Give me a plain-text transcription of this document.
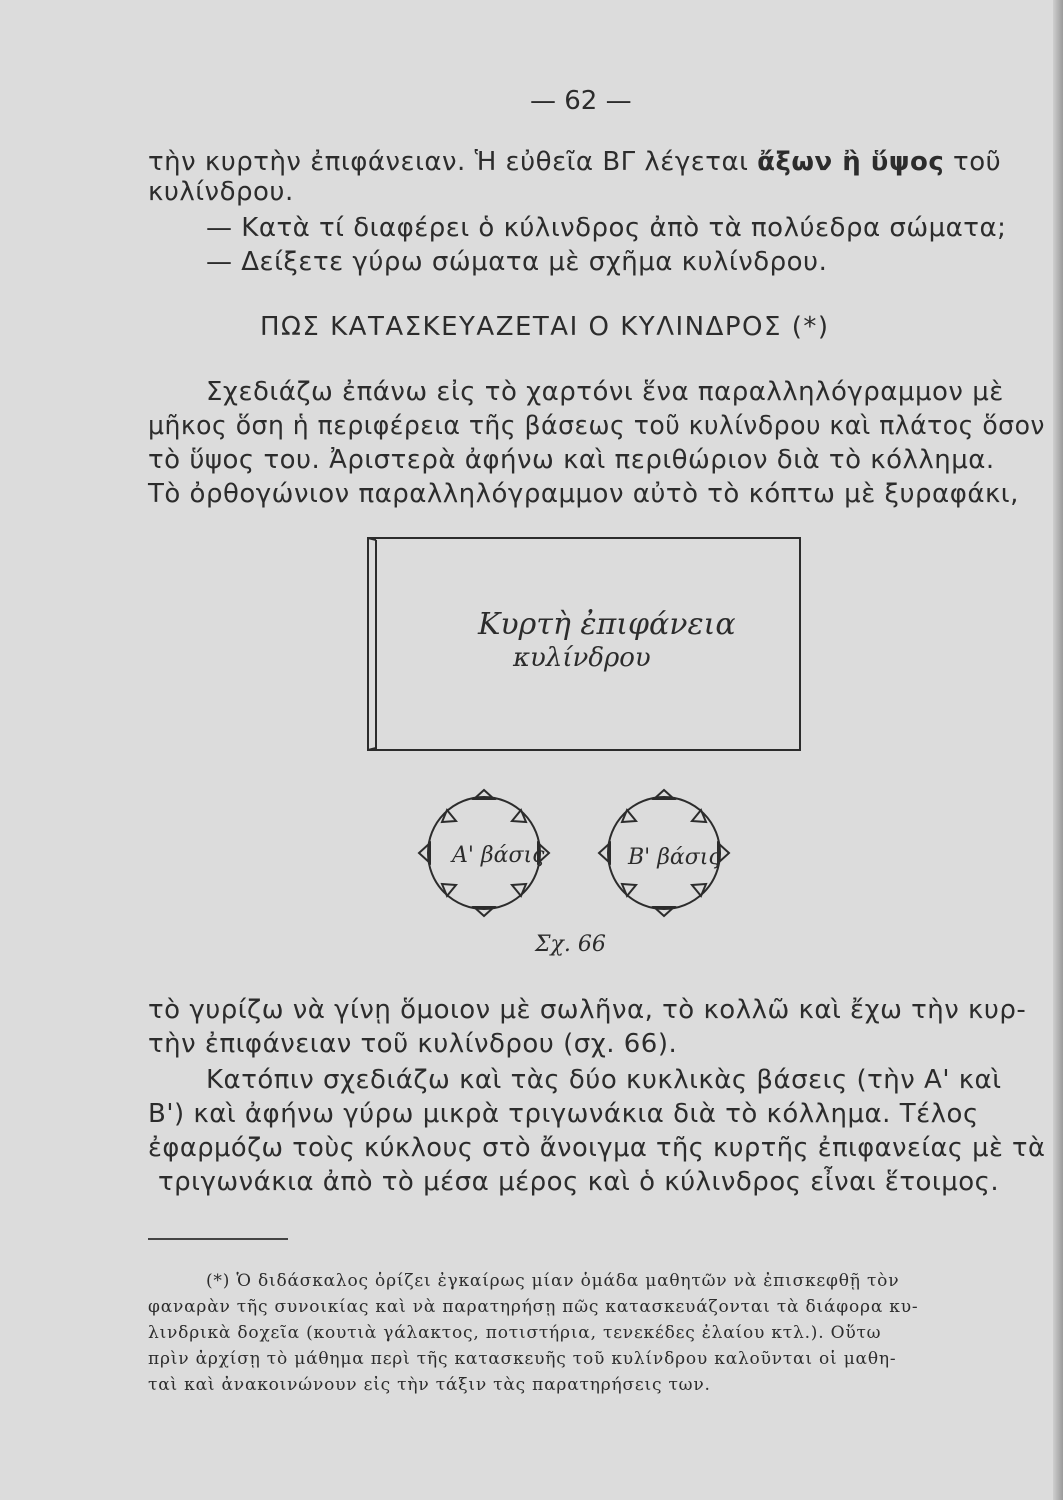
— 62 —
τὴν κυρτὴν ἐπιφάνειαν. Ἡ εὐθεῖα ΒΓ λέγεται ἄξων ἢ ὕψος τοῦ
κυλίνδρου.
— Κατὰ τί διαφέρει ὁ κύλινδρος ἀπὸ τὰ πολύεδρα σώματα;
— Δείξετε γύρω σώματα μὲ σχῆμα κυλίνδρου.
ΠΩΣ ΚΑΤΑΣΚΕΥΑΖΕΤΑΙ Ο ΚΥΛΙΝΔΡΟΣ (*)
Σχεδιάζω ἐπάνω εἰς τὸ χαρτόνι ἕνα παραλληλόγραμμον μὲ
μῆκος ὅση ἡ περιφέρεια τῆς βάσεως τοῦ κυλίνδρου καὶ πλάτος ὅσον
τὸ ὕψος του. Ἀριστερὰ ἀφήνω καὶ περιθώριον διὰ τὸ κόλλημα.
Τὸ ὀρθογώνιον παραλληλόγραμμον αὐτὸ τὸ κόπτω μὲ ξυραφάκι,
Κυρτὴ ἐπιφάνεια
κυλίνδρου
Α' βάσις	Β' βάσις
Σχ. 66
τὸ γυρίζω νὰ γίνῃ ὅμοιον μὲ σωλῆνα, τὸ κολλῶ καὶ ἔχω τὴν κυρ-
τὴν ἐπιφάνειαν τοῦ κυλίνδρου (σχ. 66).
Κατόπιν σχεδιάζω καὶ τὰς δύο κυκλικὰς βάσεις (τὴν Α' καὶ
Β') καὶ ἀφήνω γύρω μικρὰ τριγωνάκια διὰ τὸ κόλλημα. Τέλος
ἐφαρμόζω τοὺς κύκλους στὸ ἄνοιγμα τῆς κυρτῆς ἐπιφανείας μὲ τὰ
τριγωνάκια ἀπὸ τὸ μέσα μέρος καὶ ὁ κύλινδρος εἶναι ἕτοιμος.
(*) Ὁ διδάσκαλος ὁρίζει ἐγκαίρως μίαν ὁμάδα μαθητῶν νὰ ἐπισκεφθῇ τὸν
φαναρὰν τῆς συνοικίας καὶ νὰ παρατηρήσῃ πῶς κατασκευάζονται τὰ διάφορα κυ-
λινδρικὰ δοχεῖα (κουτιὰ γάλακτος, ποτιστήρια, τενεκέδες ἐλαίου κτλ.). Οὕτω
πρὶν ἀρχίσῃ τὸ μάθημα περὶ τῆς κατασκευῆς τοῦ κυλίνδρου καλοῦνται οἱ μαθη-
ταὶ καὶ ἀνακοινώνουν εἰς τὴν τάξιν τὰς παρατηρήσεις των.
